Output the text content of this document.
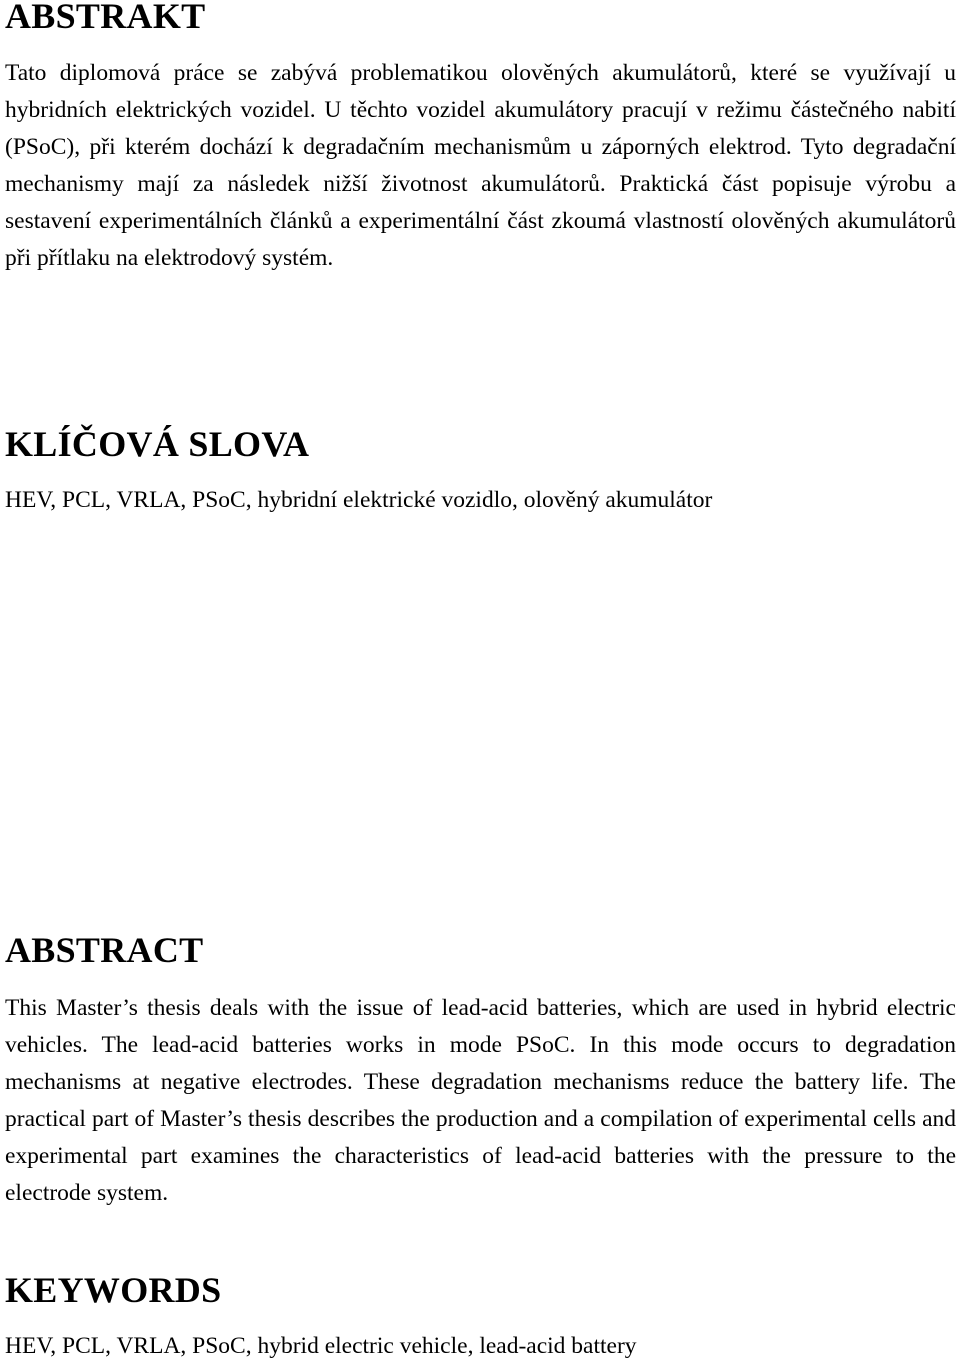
ABSTRAKT

Tato diplomová práce se zabývá problematikou olověných akumulátorů, které se využívají u hybridních elektrických vozidel. U těchto vozidel akumulátory pracují v režimu částečného nabití (PSoC), při kterém dochází k degradačním mechanismům u záporných elektrod. Tyto degradační mechanismy mají za následek nižší životnost akumulátorů. Praktická část popisuje výrobu a sestavení experimentálních článků a experimentální část zkoumá vlastností olověných akumulátorů při přítlaku na elektrodový systém.

KLÍČOVÁ SLOVA

HEV, PCL, VRLA, PSoC, hybridní elektrické vozidlo, olověný akumulátor

ABSTRACT

This Master’s thesis deals with the issue of lead-acid batteries, which are used in hybrid electric vehicles. The lead-acid batteries works in mode PSoC. In this mode occurs to degradation mechanisms at negative electrodes. These degradation mechanisms reduce the battery life. The practical part of Master’s thesis describes the production and a compilation of experimental cells and experimental part examines the characteristics of lead-acid batteries with the pressure to the electrode system.

KEYWORDS

HEV, PCL, VRLA, PSoC, hybrid electric vehicle, lead-acid battery
